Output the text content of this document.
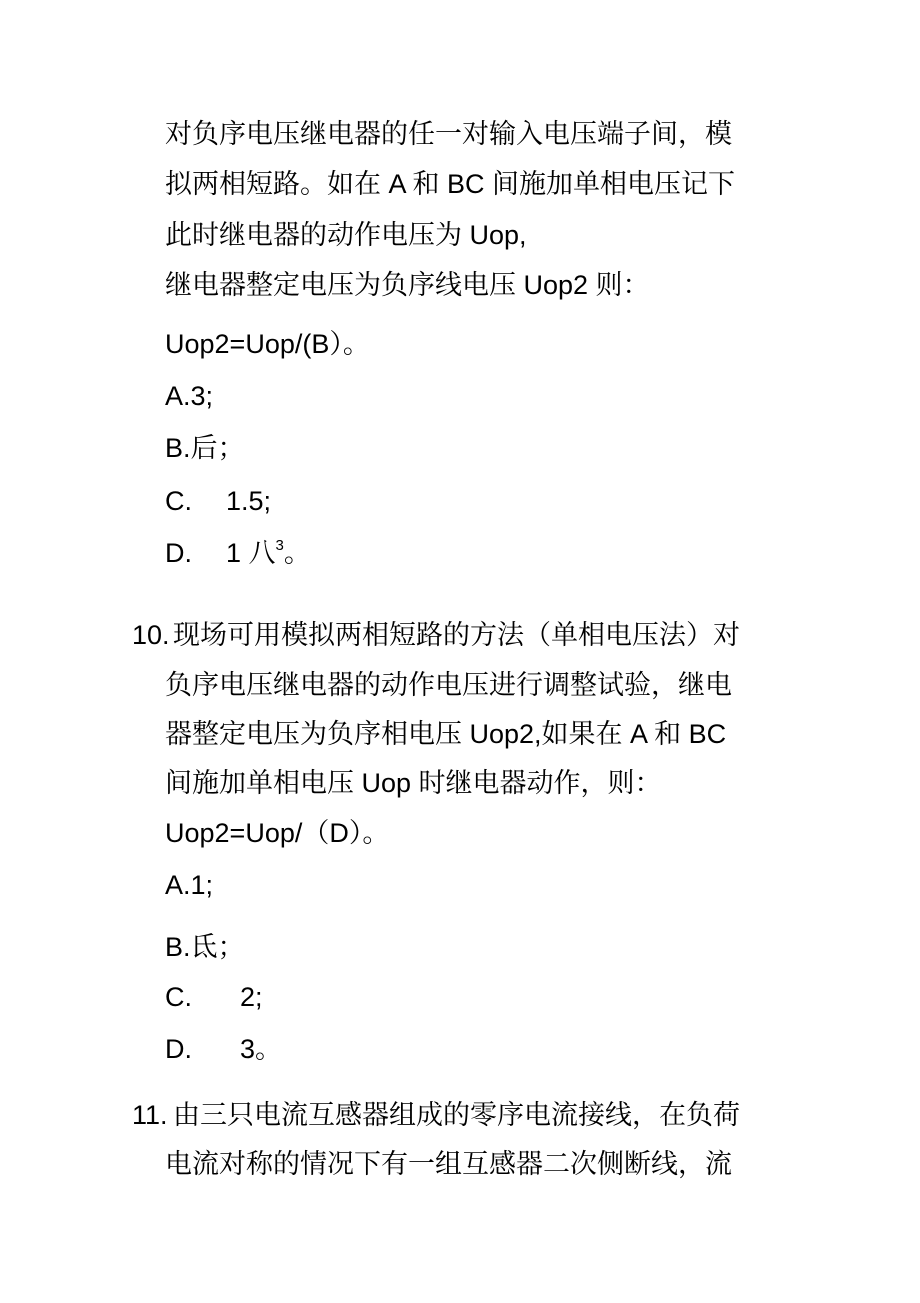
对负序电压继电器的任一对输入电压端子间，模
拟两相短路。如在 A 和 BC 间施加单相电压记下
此时继电器的动作电压为 Uop,
继电器整定电压为负序线电压 Uop2 则：
Uop2=Uop/(B）。
A.3;
B.后；
C. 1.5;
D. 1 八$^3$。
10. 现场可用模拟两相短路的方法（单相电压法）对
负序电压继电器的动作电压进行调整试验，继电
器整定电压为负序相电压 Uop2,如果在 A 和 BC
间施加单相电压 Uop 时继电器动作，则：
Uop2=Uop/（D）。
A.1;
B.氐；
C. 2;
D. 3。
11. 由三只电流互感器组成的零序电流接线，在负荷
电流对称的情况下有一组互感器二次侧断线，流
